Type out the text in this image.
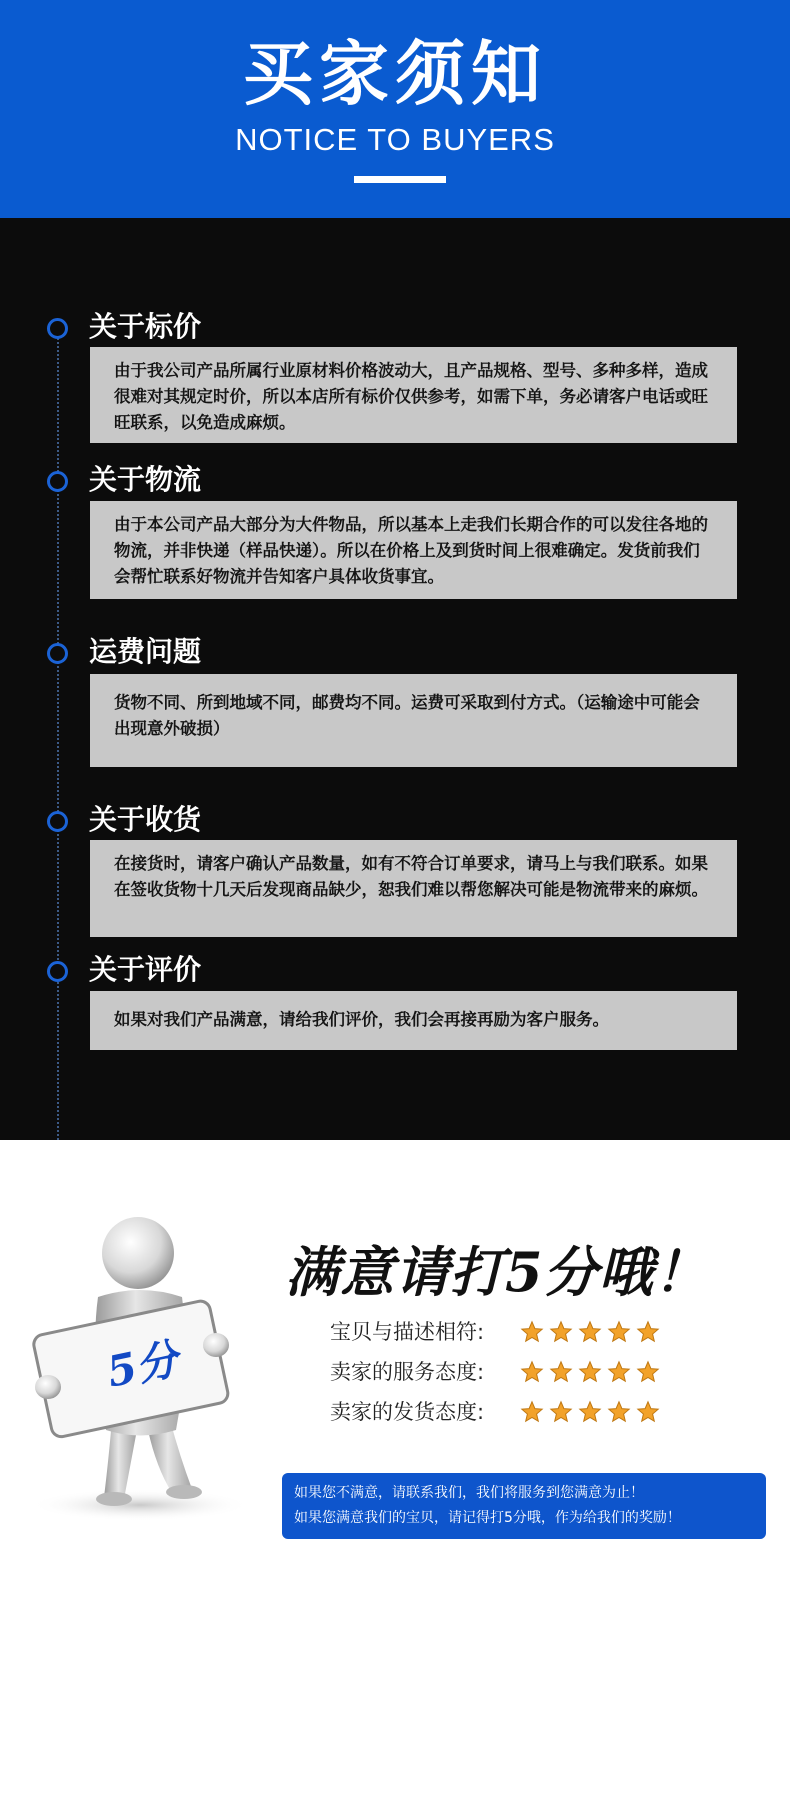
买家须知
NOTICE TO BUYERS
关于标价
由于我公司产品所属行业原材料价格波动大，且产品规格、型号、多种多样，造成很难对其规定时价，所以本店所有标价仅供参考，如需下单，务必请客户电话或旺旺联系，以免造成麻烦。
关于物流
由于本公司产品大部分为大件物品，所以基本上走我们长期合作的可以发往各地的物流，并非快递（样品快递）。所以在价格上及到货时间上很难确定。发货前我们会帮忙联系好物流并告知客户具体收货事宜。
运费问题
货物不同、所到地域不同，邮费均不同。运费可采取到付方式。（运输途中可能会出现意外破损）
关于收货
在接货时，请客户确认产品数量，如有不符合订单要求，请马上与我们联系。如果在签收货物十几天后发现商品缺少，恕我们难以帮您解决可能是物流带来的麻烦。
关于评价
如果对我们产品满意，请给我们评价，我们会再接再励为客户服务。
5分
满意请打5分哦！
宝贝与描述相符:
卖家的服务态度:
卖家的发货态度:
如果您不满意，请联系我们，我们将服务到您满意为止！
如果您满意我们的宝贝，请记得打5分哦，作为给我们的奖励！
